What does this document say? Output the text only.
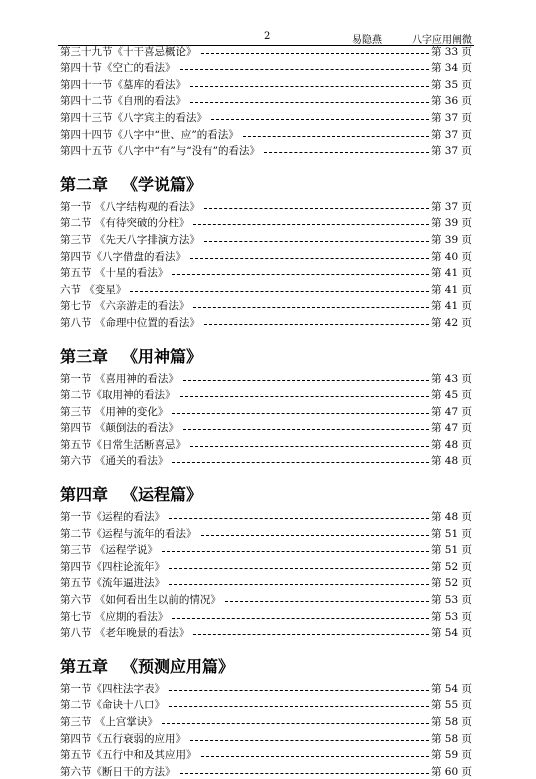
2	易隐燕	八字应用阐微
第三十九节《十干喜忌概论》	第 33 页
第四十节《空亡的看法》	第 34 页
第四十一节《墓库的看法》	第 35 页
第四十二节《自刑的看法》	第 36 页
第四十三节《八字宾主的看法》	第 37 页
第四十四节《八字中“世、应”的看法》	第 37 页
第四十五节《八字中“有”与“没有”的看法》	第 37 页
第二章 《学说篇》
第一节 《八字结构观的看法》	第 37 页
第二节 《有待突破的分柱》	第 39 页
第三节 《先天八字排演方法》	第 39 页
第四节《八字借盘的看法》	第 40 页
第五节 《十星的看法》	第 41 页
六节 《变星》	第 41 页
第七节 《六亲游走的看法》	第 41 页
第八节 《命理中位置的看法》	第 42 页
第三章 《用神篇》
第一节 《喜用神的看法》	第 43 页
第二节《取用神的看法》	第 45 页
第三节 《用神的变化》	第 47 页
第四节 《颠倒法的看法》	第 47 页
第五节《日常生活断喜忌》	第 48 页
第六节 《通关的看法》	第 48 页
第四章 《运程篇》
第一节《运程的看法》	第 48 页
第二节《运程与流年的看法》	第 51 页
第三节 《运程学说》	第 51 页
第四节《四柱论流年》	第 52 页
第五节《流年逼进法》	第 52 页
第六节 《如何看出生以前的情况》	第 53 页
第七节 《应期的看法》	第 53 页
第八节 《老年晚景的看法》	第 54 页
第五章 《预测应用篇》
第一节《四柱法字表》	第 54 页
第二节《命诀十八口》	第 55 页
第三节 《上宫掌诀》	第 58 页
第四节《五行衰弱的应用》	第 58 页
第五节《五行中和及其应用》	第 59 页
第六节《断日干的方法》	第 60 页
